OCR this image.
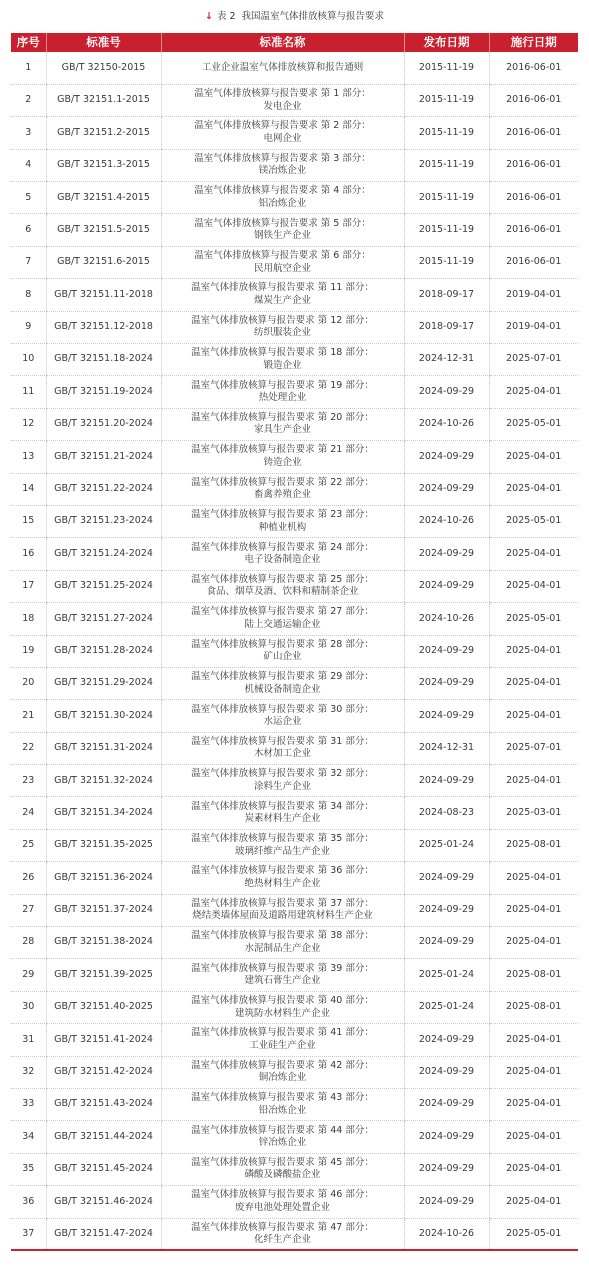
↓ 表 2 我国温室气体排放核算与报告要求
序号	标准号	标准名称	发布日期	施行日期
1	GB/T 32150-2015	工业企业温室气体排放核算和报告通则	2015-11-19	2016-06-01
2	GB/T 32151.1-2015	温室气体排放核算与报告要求 第 1 部分：
发电企业	2015-11-19	2016-06-01
3	GB/T 32151.2-2015	温室气体排放核算与报告要求 第 2 部分：
电网企业	2015-11-19	2016-06-01
4	GB/T 32151.3-2015	温室气体排放核算与报告要求 第 3 部分：
镁冶炼企业	2015-11-19	2016-06-01
5	GB/T 32151.4-2015	温室气体排放核算与报告要求 第 4 部分：
铝冶炼企业	2015-11-19	2016-06-01
6	GB/T 32151.5-2015	温室气体排放核算与报告要求 第 5 部分：
钢铁生产企业	2015-11-19	2016-06-01
7	GB/T 32151.6-2015	温室气体排放核算与报告要求 第 6 部分：
民用航空企业	2015-11-19	2016-06-01
8	GB/T 32151.11-2018	温室气体排放核算与报告要求 第 11 部分：
煤炭生产企业	2018-09-17	2019-04-01
9	GB/T 32151.12-2018	温室气体排放核算与报告要求 第 12 部分：
纺织服装企业	2018-09-17	2019-04-01
10	GB/T 32151.18-2024	温室气体排放核算与报告要求 第 18 部分：
锻造企业	2024-12-31	2025-07-01
11	GB/T 32151.19-2024	温室气体排放核算与报告要求 第 19 部分：
热处理企业	2024-09-29	2025-04-01
12	GB/T 32151.20-2024	温室气体排放核算与报告要求 第 20 部分：
家具生产企业	2024-10-26	2025-05-01
13	GB/T 32151.21-2024	温室气体排放核算与报告要求 第 21 部分：
铸造企业	2024-09-29	2025-04-01
14	GB/T 32151.22-2024	温室气体排放核算与报告要求 第 22 部分：
畜禽养殖企业	2024-09-29	2025-04-01
15	GB/T 32151.23-2024	温室气体排放核算与报告要求 第 23 部分：
种植业机构	2024-10-26	2025-05-01
16	GB/T 32151.24-2024	温室气体排放核算与报告要求 第 24 部分：
电子设备制造企业	2024-09-29	2025-04-01
17	GB/T 32151.25-2024	温室气体排放核算与报告要求 第 25 部分：
食品、烟草及酒、饮料和精制茶企业	2024-09-29	2025-04-01
18	GB/T 32151.27-2024	温室气体排放核算与报告要求 第 27 部分：
陆上交通运输企业	2024-10-26	2025-05-01
19	GB/T 32151.28-2024	温室气体排放核算与报告要求 第 28 部分：
矿山企业	2024-09-29	2025-04-01
20	GB/T 32151.29-2024	温室气体排放核算与报告要求 第 29 部分：
机械设备制造企业	2024-09-29	2025-04-01
21	GB/T 32151.30-2024	温室气体排放核算与报告要求 第 30 部分：
水运企业	2024-09-29	2025-04-01
22	GB/T 32151.31-2024	温室气体排放核算与报告要求 第 31 部分：
木材加工企业	2024-12-31	2025-07-01
23	GB/T 32151.32-2024	温室气体排放核算与报告要求 第 32 部分：
涂料生产企业	2024-09-29	2025-04-01
24	GB/T 32151.34-2024	温室气体排放核算与报告要求 第 34 部分：
炭素材料生产企业	2024-08-23	2025-03-01
25	GB/T 32151.35-2025	温室气体排放核算与报告要求 第 35 部分：
玻璃纤维产品生产企业	2025-01-24	2025-08-01
26	GB/T 32151.36-2024	温室气体排放核算与报告要求 第 36 部分：
绝热材料生产企业	2024-09-29	2025-04-01
27	GB/T 32151.37-2024	温室气体排放核算与报告要求 第 37 部分：
烧结类墙体屋面及道路用建筑材料生产企业	2024-09-29	2025-04-01
28	GB/T 32151.38-2024	温室气体排放核算与报告要求 第 38 部分：
水泥制品生产企业	2024-09-29	2025-04-01
29	GB/T 32151.39-2025	温室气体排放核算与报告要求 第 39 部分：
建筑石膏生产企业	2025-01-24	2025-08-01
30	GB/T 32151.40-2025	温室气体排放核算与报告要求 第 40 部分：
建筑防水材料生产企业	2025-01-24	2025-08-01
31	GB/T 32151.41-2024	温室气体排放核算与报告要求 第 41 部分：
工业硅生产企业	2024-09-29	2025-04-01
32	GB/T 32151.42-2024	温室气体排放核算与报告要求 第 42 部分：
铜冶炼企业	2024-09-29	2025-04-01
33	GB/T 32151.43-2024	温室气体排放核算与报告要求 第 43 部分：
铅冶炼企业	2024-09-29	2025-04-01
34	GB/T 32151.44-2024	温室气体排放核算与报告要求 第 44 部分：
锌冶炼企业	2024-09-29	2025-04-01
35	GB/T 32151.45-2024	温室气体排放核算与报告要求 第 45 部分：
磷酸及磷酸盐企业	2024-09-29	2025-04-01
36	GB/T 32151.46-2024	温室气体排放核算与报告要求 第 46 部分：
废弃电池处理处置企业	2024-09-29	2025-04-01
37	GB/T 32151.47-2024	温室气体排放核算与报告要求 第 47 部分：
化纤生产企业	2024-10-26	2025-05-01
